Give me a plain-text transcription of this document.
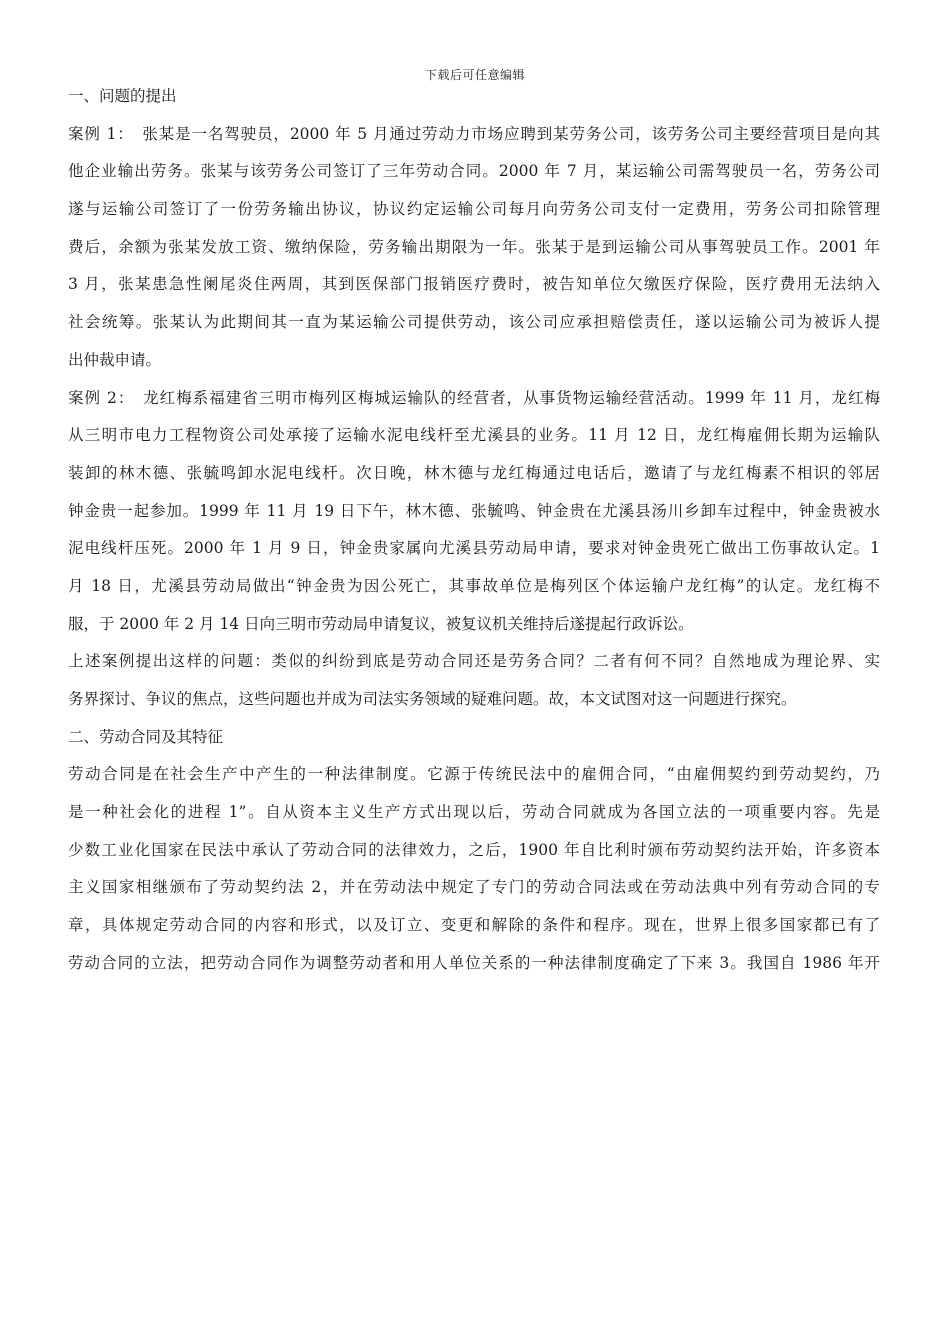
下载后可任意编辑
一、问题的提出
案例 1：　张某是一名驾驶员，2000 年 5 月通过劳动力市场应聘到某劳务公司，该劳务公司主要经营项目是向其
他企业输出劳务。张某与该劳务公司签订了三年劳动合同。2000 年 7 月，某运输公司需驾驶员一名，劳务公司
遂与运输公司签订了一份劳务输出协议，协议约定运输公司每月向劳务公司支付一定费用，劳务公司扣除管理
费后，余额为张某发放工资、缴纳保险，劳务输出期限为一年。张某于是到运输公司从事驾驶员工作。2001 年
3 月，张某患急性阑尾炎住两周，其到医保部门报销医疗费时，被告知单位欠缴医疗保险，医疗费用无法纳入
社会统筹。张某认为此期间其一直为某运输公司提供劳动，该公司应承担赔偿责任，遂以运输公司为被诉人提
出仲裁申请。
案例 2：　龙红梅系福建省三明市梅列区梅城运输队的经营者，从事货物运输经营活动。1999 年 11 月，龙红梅
从三明市电力工程物资公司处承接了运输水泥电线杆至尤溪县的业务。11 月 12 日，龙红梅雇佣长期为运输队
装卸的林木德、张毓鸣卸水泥电线杆。次日晚，林木德与龙红梅通过电话后，邀请了与龙红梅素不相识的邻居
钟金贵一起参加。1999 年 11 月 19 日下午，林木德、张毓鸣、钟金贵在尤溪县汤川乡卸车过程中，钟金贵被水
泥电线杆压死。2000 年 1 月 9 日，钟金贵家属向尤溪县劳动局申请，要求对钟金贵死亡做出工伤事故认定。1
月 18 日，尤溪县劳动局做出“钟金贵为因公死亡，其事故单位是梅列区个体运输户龙红梅”的认定。龙红梅不
服，于 2000 年 2 月 14 日向三明市劳动局申请复议，被复议机关维持后遂提起行政诉讼。
上述案例提出这样的问题：类似的纠纷到底是劳动合同还是劳务合同？二者有何不同？自然地成为理论界、实
务界探讨、争议的焦点，这些问题也并成为司法实务领域的疑难问题。故，本文试图对这一问题进行探究。
二、劳动合同及其特征
劳动合同是在社会生产中产生的一种法律制度。它源于传统民法中的雇佣合同，“由雇佣契约到劳动契约，乃
是一种社会化的进程 1”。自从资本主义生产方式出现以后，劳动合同就成为各国立法的一项重要内容。先是
少数工业化国家在民法中承认了劳动合同的法律效力，之后，1900 年自比利时颁布劳动契约法开始，许多资本
主义国家相继颁布了劳动契约法 2，并在劳动法中规定了专门的劳动合同法或在劳动法典中列有劳动合同的专
章，具体规定劳动合同的内容和形式，以及订立、变更和解除的条件和程序。现在，世界上很多国家都已有了
劳动合同的立法，把劳动合同作为调整劳动者和用人单位关系的一种法律制度确定了下来 3。我国自 1986 年开
